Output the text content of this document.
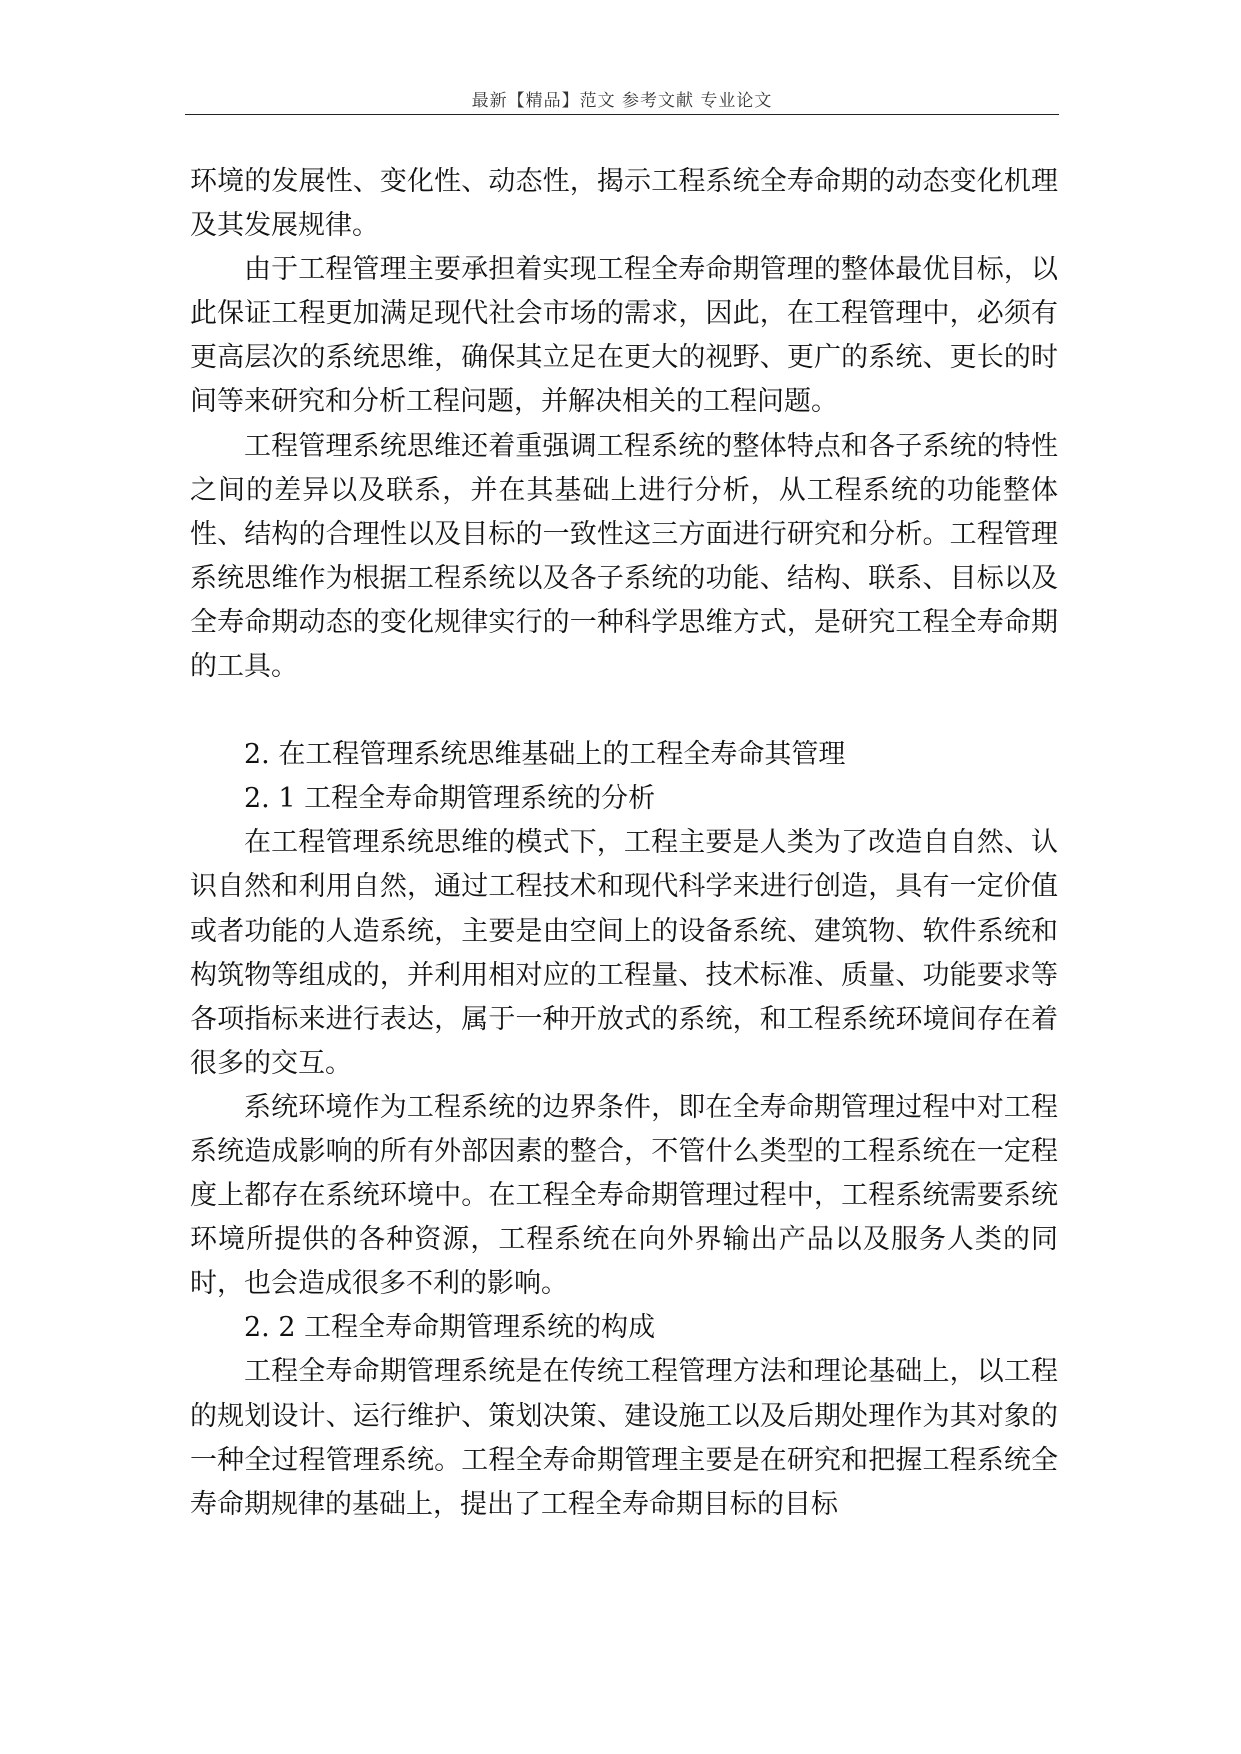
最新【精品】范文 参考文献 专业论文

环境的发展性、变化性、动态性，揭示工程系统全寿命期的动态变化机理及其发展规律。

由于工程管理主要承担着实现工程全寿命期管理的整体最优目标，以此保证工程更加满足现代社会市场的需求，因此，在工程管理中，必须有更高层次的系统思维，确保其立足在更大的视野、更广的系统、更长的时间等来研究和分析工程问题，并解决相关的工程问题。

工程管理系统思维还着重强调工程系统的整体特点和各子系统的特性之间的差异以及联系，并在其基础上进行分析，从工程系统的功能整体性、结构的合理性以及目标的一致性这三方面进行研究和分析。工程管理系统思维作为根据工程系统以及各子系统的功能、结构、联系、目标以及全寿命期动态的变化规律实行的一种科学思维方式，是研究工程全寿命期的工具。

2. 在工程管理系统思维基础上的工程全寿命其管理

2. 1 工程全寿命期管理系统的分析

在工程管理系统思维的模式下，工程主要是人类为了改造自自然、认识自然和利用自然，通过工程技术和现代科学来进行创造，具有一定价值或者功能的人造系统，主要是由空间上的设备系统、建筑物、软件系统和构筑物等组成的，并利用相对应的工程量、技术标准、质量、功能要求等各项指标来进行表达，属于一种开放式的系统，和工程系统环境间存在着很多的交互。

系统环境作为工程系统的边界条件，即在全寿命期管理过程中对工程系统造成影响的所有外部因素的整合，不管什么类型的工程系统在一定程度上都存在系统环境中。在工程全寿命期管理过程中，工程系统需要系统环境所提供的各种资源，工程系统在向外界输出产品以及服务人类的同时，也会造成很多不利的影响。

2. 2 工程全寿命期管理系统的构成

工程全寿命期管理系统是在传统工程管理方法和理论基础上，以工程的规划设计、运行维护、策划决策、建设施工以及后期处理作为其对象的一种全过程管理系统。工程全寿命期管理主要是在研究和把握工程系统全寿命期规律的基础上，提出了工程全寿命期目标的目标
